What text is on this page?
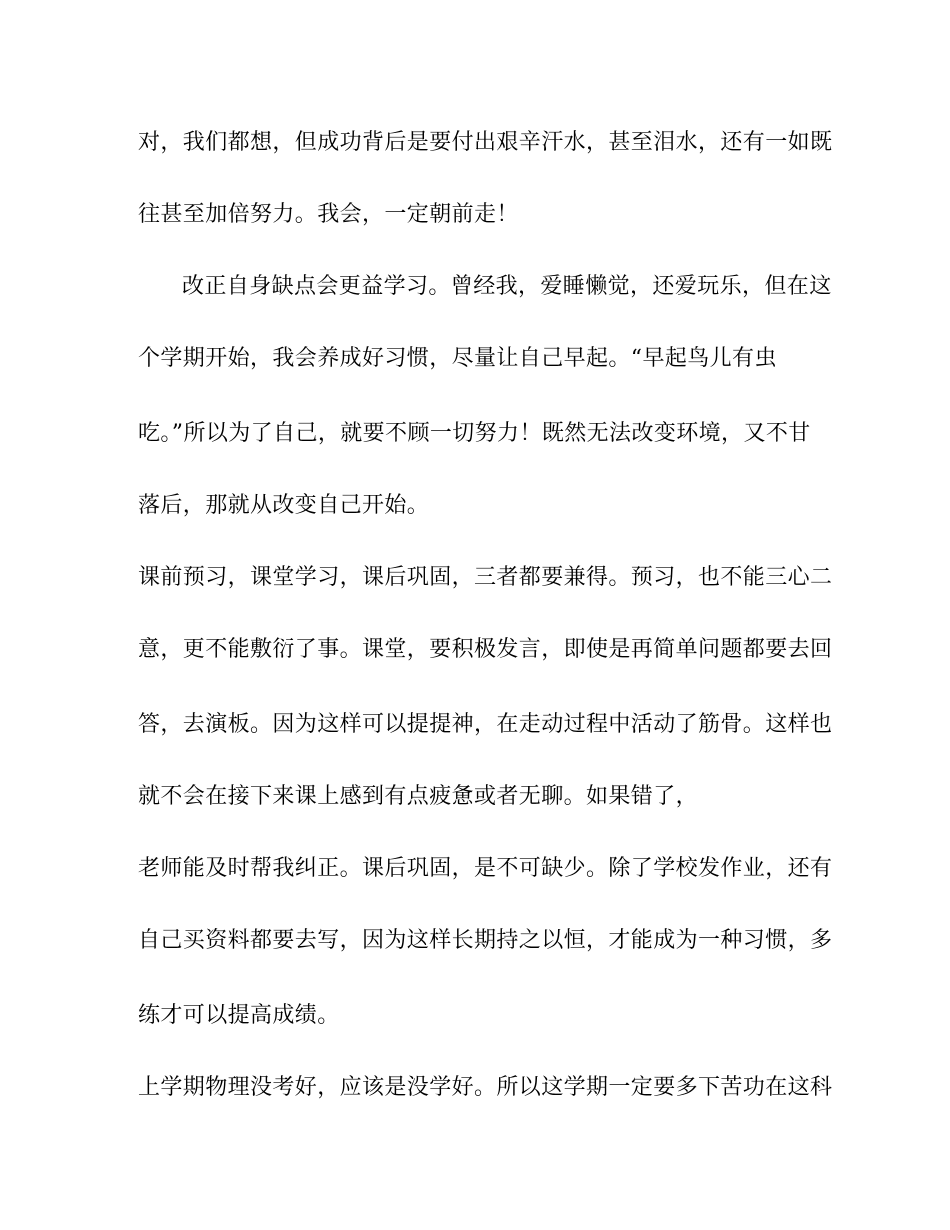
对，我们都想，但成功背后是要付出艰辛汗水，甚至泪水，还有一如既
往甚至加倍努力。我会，一定朝前走！
改正自身缺点会更益学习。曾经我，爱睡懒觉，还爱玩乐，但在这
个学期开始，我会养成好习惯，尽量让自己早起。“早起鸟儿有虫
吃。”所以为了自己，就要不顾一切努力！既然无法改变环境，又不甘
落后，那就从改变自己开始。
课前预习，课堂学习，课后巩固，三者都要兼得。预习，也不能三心二
意，更不能敷衍了事。课堂，要积极发言，即使是再简单问题都要去回
答，去演板。因为这样可以提提神，在走动过程中活动了筋骨。这样也
就不会在接下来课上感到有点疲惫或者无聊。如果错了，
老师能及时帮我纠正。课后巩固，是不可缺少。除了学校发作业，还有
自己买资料都要去写，因为这样长期持之以恒，才能成为一种习惯，多
练才可以提高成绩。
上学期物理没考好，应该是没学好。所以这学期一定要多下苦功在这科
